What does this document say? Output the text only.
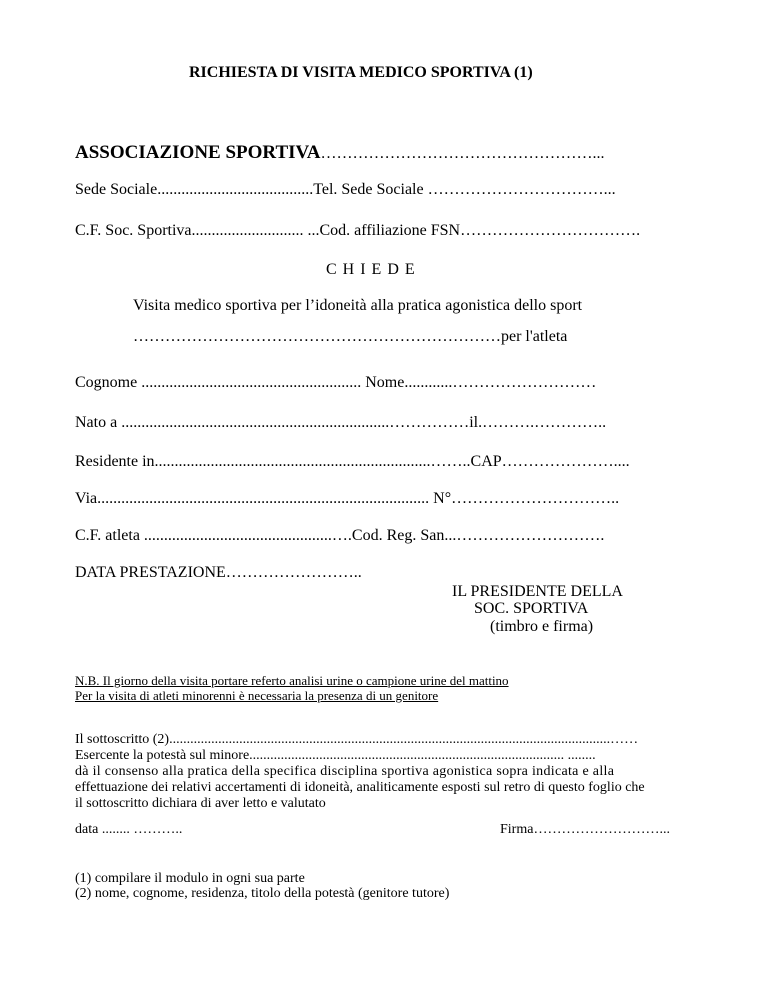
RICHIESTA DI VISITA MEDICO SPORTIVA (1)
ASSOCIAZIONE SPORTIVA……………………………………………...
Sede Sociale.......................................Tel. Sede Sociale ……………………………...
C.F. Soc. Sportiva............................ ...Cod. affiliazione FSN…………………………….
C H I E D E
Visita medico sportiva per l’idoneità alla pratica agonistica dello sport
……………………………………………………………per l'atleta
Cognome ....................................................... Nome............………………………
Nato a ...................................................................……………il.……….…………..
Residente in.....................................................................……..CAP…………………....
Via................................................................................... N°…………………………..
C.F. atleta ...............................................….Cod. Reg. San...……………………….
DATA PRESTAZIONE……………………..
IL PRESIDENTE DELLA
SOC. SPORTIVA
(timbro e firma)
N.B. Il giorno della visita portare referto analisi urine o campione urine del mattino
Per la visita di atleti minorenni è necessaria la presenza di un genitore
Il sottoscritto (2)..............................................................................................................................……
Esercente la potestà sul minore.......................................................................................... ........
dà il consenso alla pratica della specifica disciplina sportiva agonistica sopra indicata e alla
effettuazione dei relativi accertamenti di idoneità, analiticamente esposti sul retro di questo foglio che
il sottoscritto dichiara di aver letto e valutato
data ........ ………..	Firma………………………...
(1) compilare il modulo in ogni sua parte
(2) nome, cognome, residenza, titolo della potestà (genitore tutore)
